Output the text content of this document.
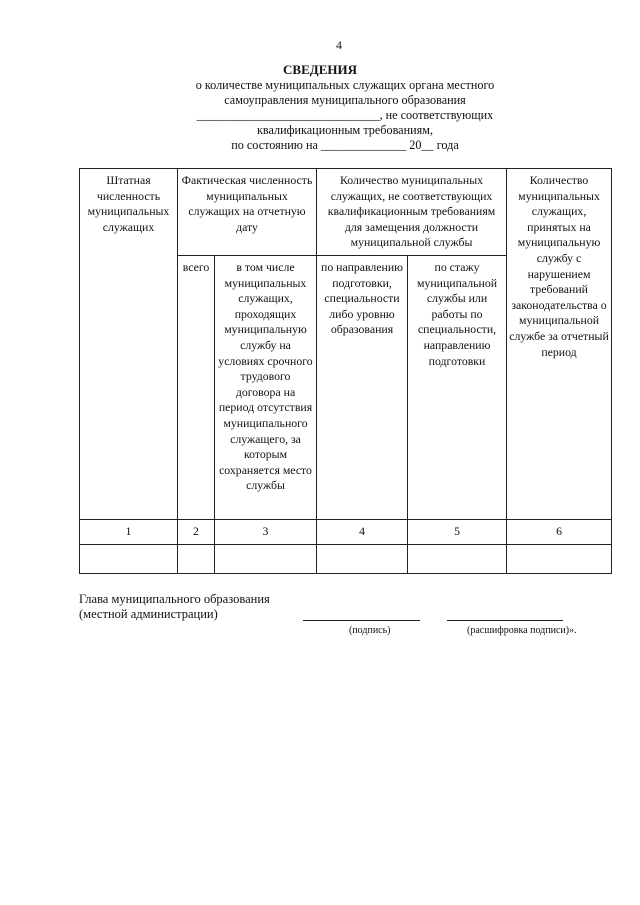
4
СВЕДЕНИЯ
о количестве муниципальных служащих органа местного
самоуправления муниципального образования
______________________________, не соответствующих
квалификационным требованиям,
по состоянию на ______________ 20__ года
Штатная численность муниципальных служащих	Фактическая численность муниципальных служащих на отчетную дату		Количество муниципальных служащих, не соответствующих квалификационным требованиям для замещения должности муниципальной службы		Количество муниципальных служащих, принятых на муниципальную службу с нарушением требований законодательства о муниципальной службе за отчетный период
	всего	в том числе муниципальных служащих, проходящих муниципальную службу на условиях срочного трудового договора на период отсутствия муниципального служащего, за которым сохраняется место службы	по направлению подготовки, специальности либо уровню образования	по стажу муниципальной службы или работы по специальности, направлению подготовки	
1	2	3	4	5	6

Глава муниципального образования
(местной администрации)
(подпись)	(расшифровка подписи)».
